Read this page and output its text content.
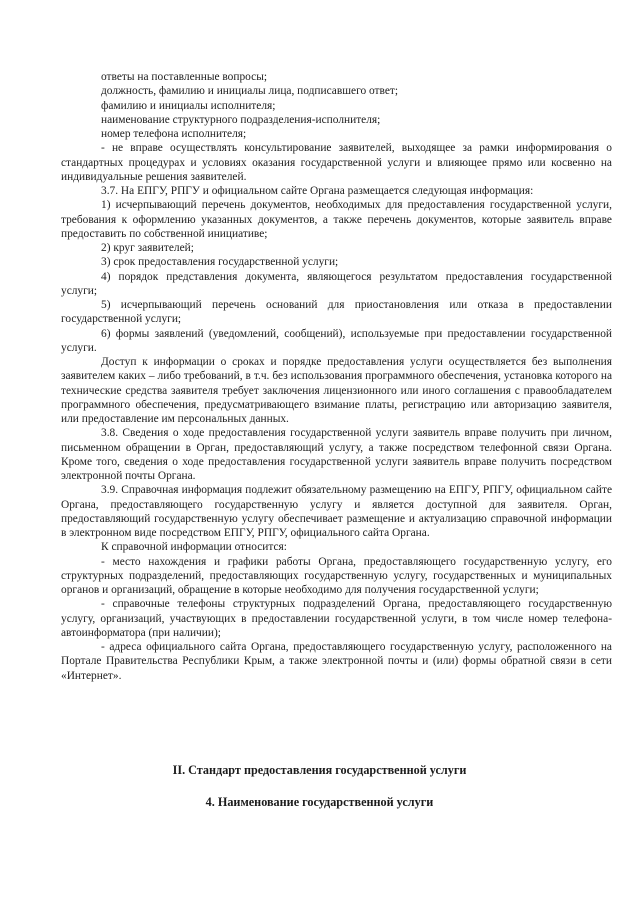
ответы на поставленные вопросы;

должность, фамилию и инициалы лица, подписавшего ответ;

фамилию и инициалы исполнителя;

наименование структурного подразделения-исполнителя;

номер телефона исполнителя;

- не вправе осуществлять консультирование заявителей, выходящее за рамки информирования о стандартных процедурах и условиях оказания государственной услуги и влияющее прямо или косвенно на индивидуальные решения заявителей.

3.7. На ЕПГУ, РПГУ и официальном сайте Органа размещается следующая информация:

1) исчерпывающий перечень документов, необходимых для предоставления государственной услуги, требования к оформлению указанных документов, а также перечень документов, которые заявитель вправе предоставить по собственной инициативе;

2) круг заявителей;

3) срок предоставления государственной услуги;

4) порядок представления документа, являющегося результатом предоставления государственной услуги;

5) исчерпывающий перечень оснований для приостановления или отказа в предоставлении государственной услуги;

6) формы заявлений (уведомлений, сообщений), используемые при предоставлении государственной услуги.

Доступ к информации о сроках и порядке предоставления услуги осуществляется без выполнения заявителем каких – либо требований, в т.ч. без использования программного обеспечения, установка которого на технические средства заявителя требует заключения лицензионного или иного соглашения с правообладателем программного обеспечения, предусматривающего взимание платы, регистрацию или авторизацию заявителя, или предоставление им персональных данных.

3.8. Сведения о ходе предоставления государственной услуги заявитель вправе получить при личном, письменном обращении в Орган, предоставляющий услугу, а также посредством телефонной связи Органа. Кроме того, сведения о ходе предоставления государственной услуги заявитель вправе получить посредством электронной почты Органа.

3.9. Справочная информация подлежит обязательному размещению на ЕПГУ, РПГУ, официальном сайте Органа, предоставляющего государственную услугу и является доступной для заявителя. Орган, предоставляющий государственную услугу обеспечивает размещение и актуализацию справочной информации в электронном виде посредством ЕПГУ, РПГУ, официального сайта Органа.

К справочной информации относится:

- место нахождения и графики работы Органа, предоставляющего государственную услугу, его структурных подразделений, предоставляющих государственную услугу, государственных и муниципальных органов и организаций, обращение в которые необходимо для получения государственной услуги;

- справочные телефоны структурных подразделений Органа, предоставляющего государственную услугу, организаций, участвующих в предоставлении государственной услуги, в том числе номер телефона-автоинформатора (при наличии);

- адреса официального сайта Органа, предоставляющего государственную услугу, расположенного на Портале Правительства Республики Крым, а также электронной почты и (или) формы обратной связи в сети «Интернет».

II. Стандарт предоставления государственной услуги
4. Наименование государственной услуги
